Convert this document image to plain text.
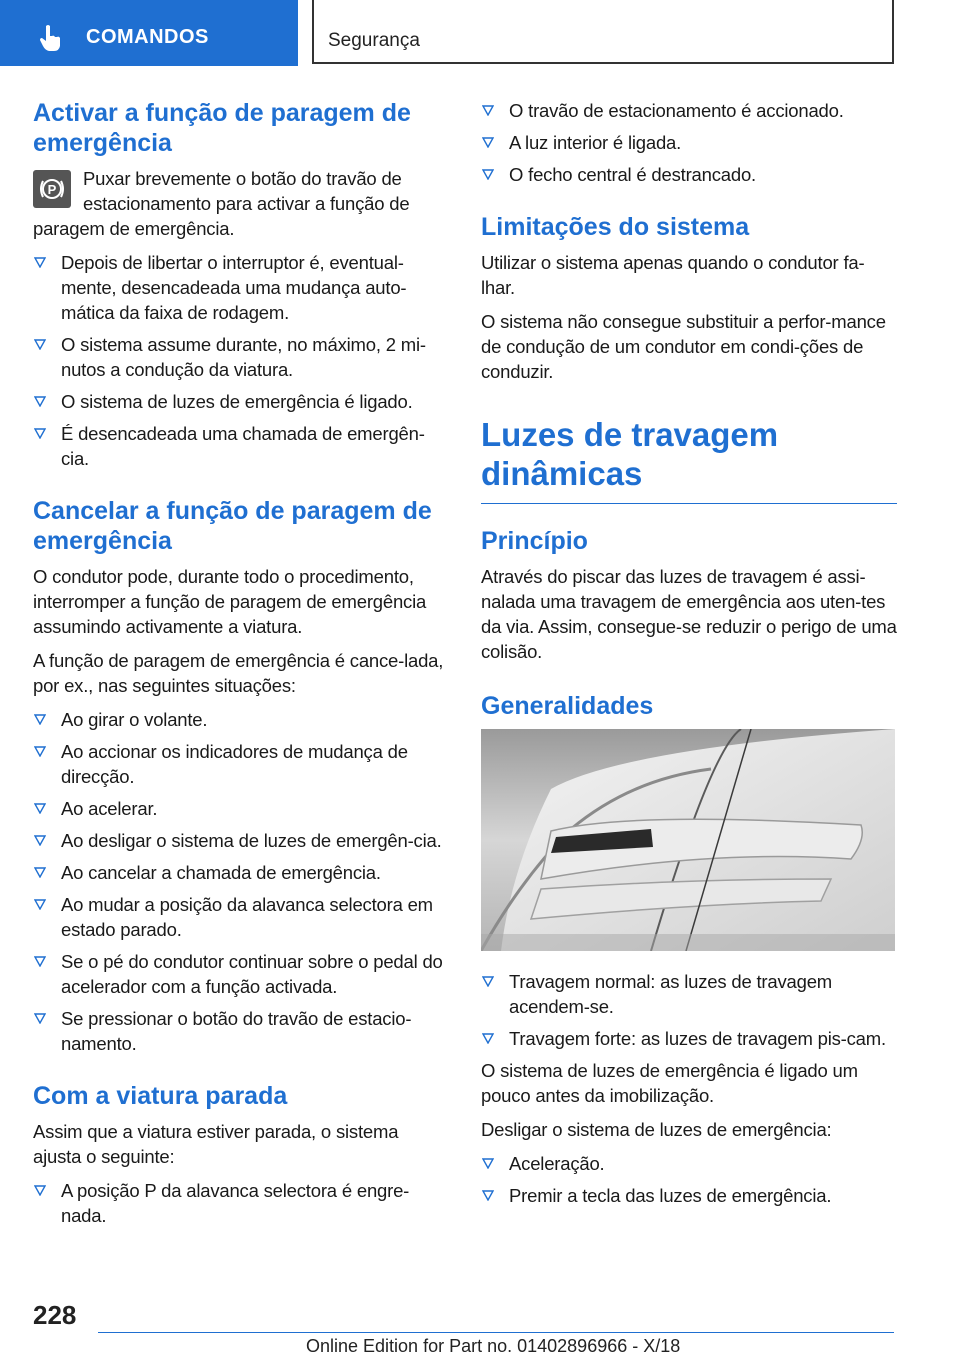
COMANDOS	Segurança
Activar a função de paragem de emergência
P

Puxar brevemente o botão do travão de estacionamento para activar a função de paragem de emergência.

Depois de libertar o interruptor é, eventual-mente, desencadeada uma mudança auto-mática da faixa de rodagem.
O sistema assume durante, no máximo, 2 mi-nutos a condução da viatura.
O sistema de luzes de emergência é ligado.
É desencadeada uma chamada de emergên-cia.
Cancelar a função de paragem de emergência

O condutor pode, durante todo o procedimento, interromper a função de paragem de emergência assumindo activamente a viatura.

A função de paragem de emergência é cance-lada, por ex., nas seguintes situações:

Ao girar o volante.
Ao accionar os indicadores de mudança de direcção.
Ao acelerar.
Ao desligar o sistema de luzes de emergên-cia.
Ao cancelar a chamada de emergência.
Ao mudar a posição da alavanca selectora em estado parado.
Se o pé do condutor continuar sobre o pedal do acelerador com a função activada.
Se pressionar o botão do travão de estacio-namento.
Com a viatura parada

Assim que a viatura estiver parada, o sistema ajusta o seguinte:

A posição P da alavanca selectora é engre-nada.
O travão de estacionamento é accionado.
A luz interior é ligada.
O fecho central é destrancado.
Limitações do sistema

Utilizar o sistema apenas quando o condutor fa-lhar.

O sistema não consegue substituir a perfor-mance de condução de um condutor em condi-ções de conduzir.

Luzes de travagem
dinâmicas
Princípio

Através do piscar das luzes de travagem é assi-nalada uma travagem de emergência aos uten-tes da via. Assim, consegue-se reduzir o perigo de uma colisão.

Generalidades
Travagem normal: as luzes de travagem acendem-se.
Travagem forte: as luzes de travagem pis-cam.

O sistema de luzes de emergência é ligado um pouco antes da imobilização.

Desligar o sistema de luzes de emergência:

Aceleração.
Premir a tecla das luzes de emergência.
228
Online Edition for Part no. 01402896966 - X/18
